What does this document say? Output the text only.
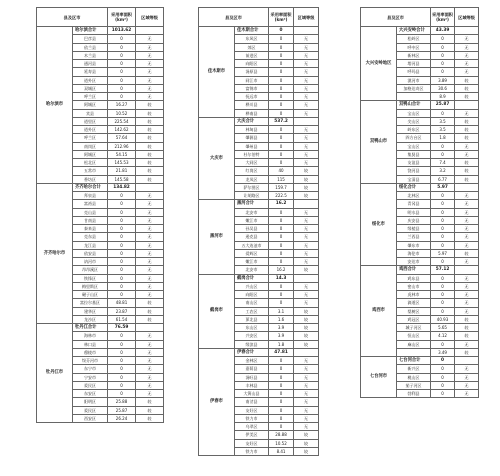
县及区市		采用率面积(km²)	区域等级
哈尔滨市	哈尔滨合计	1013.62	
	巴彦县	0	无
	依兰县	0	无
	木兰县	0	无
	通河县	0	无
	延寿县	0	无
	道外区	0	无
	双城区	0	无
	呼兰区	0	无
	阿城区	16.27	较
	宾县	10.52	较
	道里区	225.54	较
	道外区	142.62	较
	呼兰区	57.64	较
	南岗区	212.96	较
	阿城区	54.15	较
	松北区	145.53	较
	五常市	21.81	较
	香坊区	145.58	较
齐齐哈尔市	齐齐哈尔合计	134.82	
	拜泉县	0	无
	富裕县	0	无
	克山县	0	无
	甘南县	0	无
	泰来县	0	无
	克东县	0	无
	龙江县	0	无
	依安县	0	无
	讷河市	0	无
	昂昂溪区	0	无
	铁锋区	0	无
	梅里斯区	0	无
	碾子山区	0	无
	富拉尔基区	48.81	较
	建华区	23.87	较
	龙沙区	61.54	较
牡丹江市	牡丹江合计	76.59	
	海林市	0	无
	林口县	0	无
	穆棱市	0	无
	绥芬河市	0	无
	东宁市	0	无
	宁安市	0	无
	爱民区	0	无
	东安区	0	无
	阳明区	25.88	较
	爱民区	25.87	较
	西安区	26.24	较
县及区市		采用率面积(km²)	区域等级
佳木斯市	佳木斯合计	0	
	东风区	0	无
	郊区	0	无
	前进区	0	无
	向阳区	0	无
	汤原县	0	无
	同江市	0	无
	富锦市	0	无
	抚远市	0	无
	桦川县	0	无
	桦南县	0	无
大庆市	大庆合计	537.2	
	林甸县	0	无
	肇源县	0	无
	肇州县	0	无
	杜尔伯特	0	无
	大同区	0	无
	红岗区	40	较
	龙凤区	115	较
	萨尔图区	159.7	较
	让胡路区	222.5	较
黑河市	黑河合计	16.2	
	北安市	0	无
	嫩江市	0	无
	孙吴县	0	无
	逊克县	0	无
	五大连池市	0	无
	爱辉区	0	无
	嫩江市	0	无
	北安市	16.2	较
鹤岗市	鹤岗合计	14.3	
	兴山区	0	无
	向阳区	0	无
	南山区	0	无
	工农区	3.1	较
	萝北县	1.6	较
	东山区	3.9	较
	兴安区	3.9	较
	绥滨县	1.8	较
伊春市	伊春合计	47.81	
	金林区	0	无
	嘉荫县	0	无
	汤旺县	0	无
	丰林县	0	无
	大箐山县	0	无
	南岔县	0	无
	友好区	0	无
	铁力市	0	无
	乌翠区	0	无
	伊美区	28.88	较
	友好区	10.52	较
	铁力市	8.41	较
县及区市		采用率面积(km²)	区域等级
大兴安岭地区	大兴安岭合计	43.39	
	松岭区	0	无
	呼中区	0	无
	新林区	0	无
	塔河县	0	无
	呼玛县	0	无
	漠河市	3.89	较
	加格达奇区	30.6	较
		8.9	较
双鸭山市	双鸭山合计	25.87	
	宝山区	0	无
	尖山区	3.5	较
	岭东区	3.5	较
	四方台区	1.8	较
	宝山区	0	无
	集贤县	0	无
	友谊县	7.4	较
	饶河县	3.2	较
	宝清县	6.77	较
绥化市	绥化合计	5.97	
	北林区	0	无
	青冈县	0	无
	明水县	0	无
	庆安县	0	无
	绥棱县	0	无
	兰西县	0	无
	肇东市	0	无
	海伦市	5.97	较
	安达市	0	无
鸡西市	鸡西合计	57.12	
	鸡东县	0	无
	密山市	0	无
	虎林市	0	无
	滴道区	0	无
	梨树区	0	无
	鸡冠区	40.93	较
	城子河区	5.65	较
	恒山区	4.12	较
	麻山区	0	无
		3.49	较
七台河市	七台河合计	0	
	新兴区	0	无
	桃山区	0	无
	茄子河区	0	无
	勃利县	0	无
